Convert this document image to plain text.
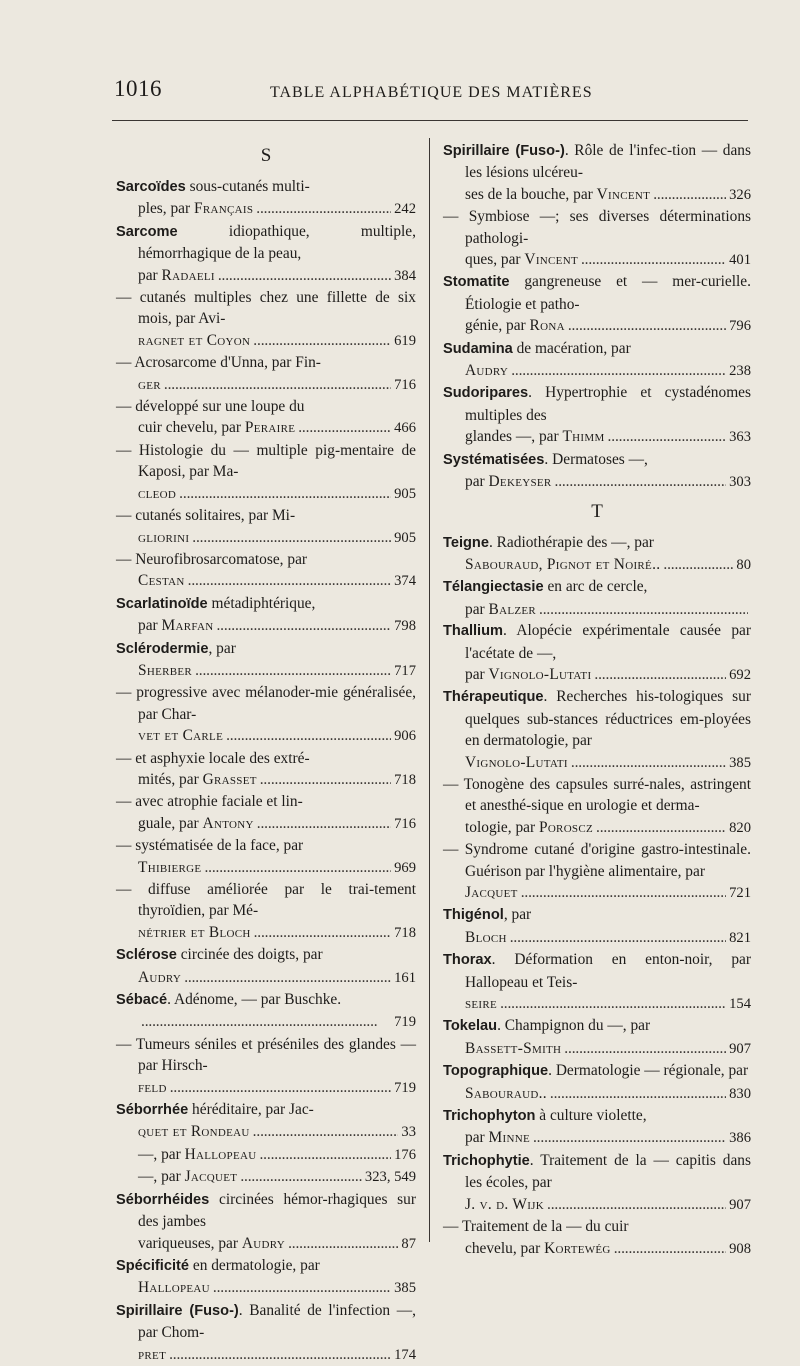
1016	TABLE ALPHABÉTIQUE DES MATIÈRES
S
Sarcoïdes sous-cutanés multi-
ples, par Français . . .	242
Sarcome	idiopathique, multiple, hémorrhagique de la peau,
par Radaeli . . .	384
— cutanés multiples chez une fillette de six mois, par Avi-
ragnet et Coyon . . .	619
— Acrosarcome d'Unna, par Fin-
ger . . .	716
— développé sur une loupe du
cuir chevelu, par Peraire . . .	466
— Histologie du — multiple pig-mentaire de Kaposi, par Ma-
cleod . . .	905
— cutanés solitaires, par Mi-
gliorini . . .	905
— Neurofibrosarcomatose, par
Cestan . . .	374
Scarlatinoïde métadiphtérique,
par Marfan . . .	798
Sclérodermie, par
Sherber . . .	717
— progressive avec mélanoder-mie généralisée, par Char-
vet et Carle . . .	906
— et asphyxie locale des extré-
mités, par Grasset . . .	718
— avec atrophie faciale et lin-
guale, par Antony . . .	716
— systématisée de la face, par
Thibierge . . .	969
— diffuse améliorée par le trai-tement thyroïdien, par Mé-
nétrier et Bloch . . .	718
Sclérose circinée des doigts, par
Audry . . .	161
Sébacé. Adénome, — par Buschke.
. . .
719
— Tumeurs séniles et préséniles des glandes — par Hirsch-
feld . . .	719
Séborrhée héréditaire, par Jac-
quet et Rondeau . . .	33
—, par Hallopeau . . .	176
—, par Jacquet . . .	323, 549
Séborrhéides circinées hémor-rhagiques sur des jambes
variqueuses, par Audry . . .	87
Spécificité en dermatologie, par
Hallopeau . . .	385
Spirillaire (Fuso-). Banalité de l'infection —, par Chom-
pret . . .	174
Spirillaire (Fuso-). Rôle de l'infec-tion — dans les lésions ulcéreu-
ses de la bouche, par Vincent . . .	326
— Symbiose —; ses diverses déterminations pathologi-
ques, par Vincent . . .	401
Stomatite gangreneuse et — mer-curielle. Étiologie et patho-
génie, par Rona . . .	796
Sudamina de macération, par
Audry . . .	238
Sudoripares. Hypertrophie et cystadénomes multiples des
glandes —, par Thimm . . .	363
Systématisées. Dermatoses —,
par Dekeyser . . .	303
T
Teigne. Radiothérapie des —, par
Sabouraud, Pignot et Noiré.. . . .	80
Télangiectasie en arc de cercle,
par Balzer
. . .
Thallium. Alopécie expérimentale causée par l'acétate de —,
par Vignolo-Lutati . . .	692
Thérapeutique. Recherches his-tologiques sur quelques sub-stances réductrices em-ployées en dermatologie, par
Vignolo-Lutati . . .	385
— Tonogène des capsules surré-nales, astringent et anesthé-sique en urologie et derma-
tologie, par Poroscz . . .	820
— Syndrome cutané d'origine gastro-intestinale. Guérison par l'hygiène alimentaire, par
Jacquet . . .	721
Thigénol, par
Bloch . . .	821
Thorax. Déformation en enton-noir, par Hallopeau et Teis-
seire . . .	154
Tokelau. Champignon du —, par
Bassett-Smith . . .	907
Topographique. Dermatologie — régionale, par
Sabouraud.. . . .	830
Trichophyton à culture violette,
par Minne . . .	386
Trichophytie. Traitement de la — capitis dans les écoles, par
J. v. d. Wijk . . .	907
— Traitement de la — du cuir
chevelu, par Kortewég . . .	908
